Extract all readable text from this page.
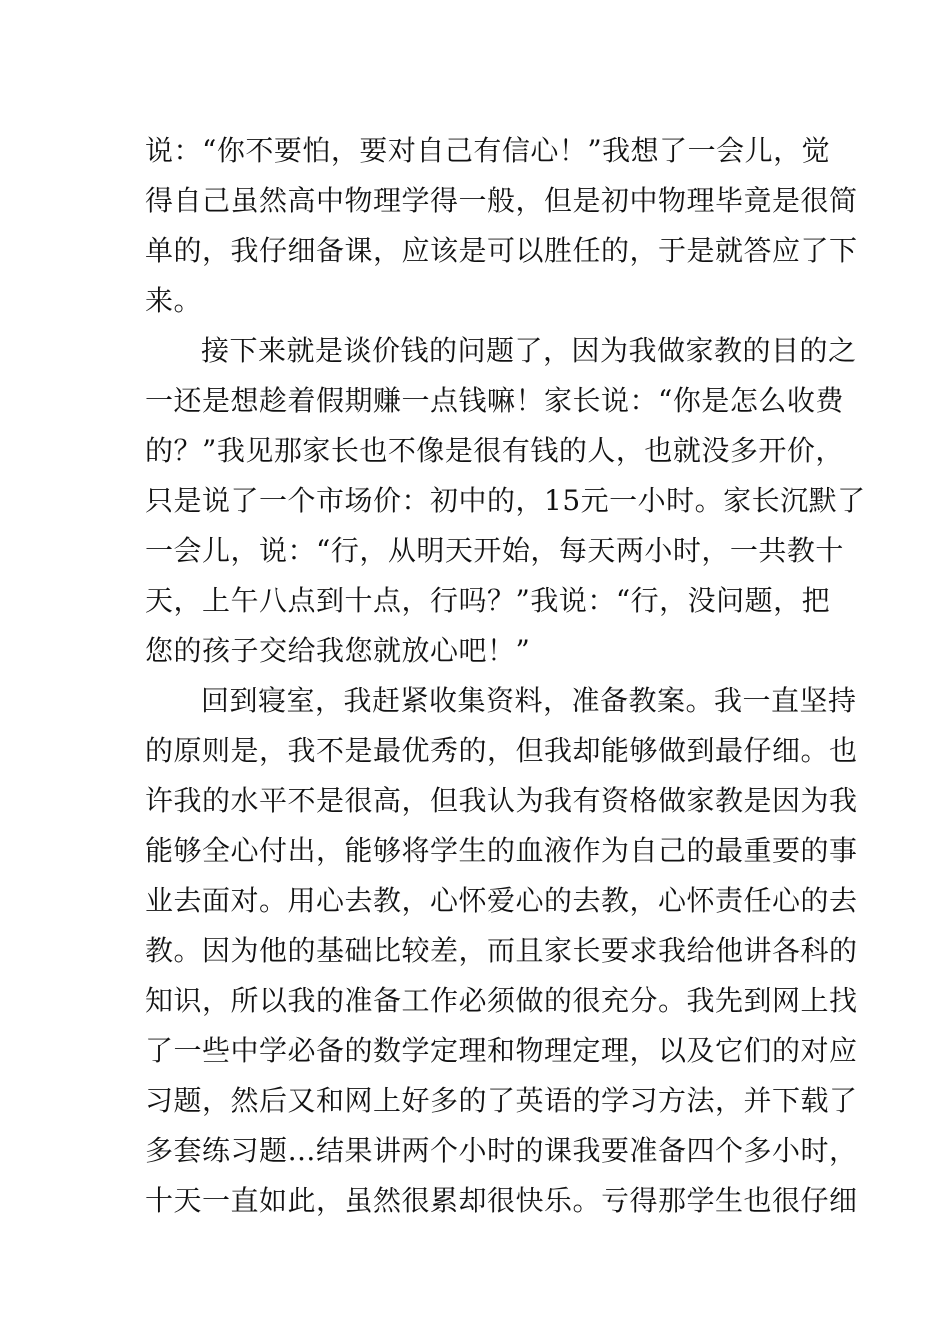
说：“你不要怕，要对自己有信心！”我想了一会儿，觉
得自己虽然高中物理学得一般，但是初中物理毕竟是很简
单的，我仔细备课，应该是可以胜任的，于是就答应了下
来。
接下来就是谈价钱的问题了，因为我做家教的目的之
一还是想趁着假期赚一点钱嘛！家长说：“你是怎么收费
的？”我见那家长也不像是很有钱的人，也就没多开价，
只是说了一个市场价：初中的，15元一小时。家长沉默了
一会儿，说：“行，从明天开始，每天两小时，一共教十
天，上午八点到十点，行吗？”我说：“行，没问题，把
您的孩子交给我您就放心吧！”
回到寝室，我赶紧收集资料，准备教案。我一直坚持
的原则是，我不是最优秀的，但我却能够做到最仔细。也
许我的水平不是很高，但我认为我有资格做家教是因为我
能够全心付出，能够将学生的血液作为自己的最重要的事
业去面对。用心去教，心怀爱心的去教，心怀责任心的去
教。因为他的基础比较差，而且家长要求我给他讲各科的
知识，所以我的准备工作必须做的很充分。我先到网上找
了一些中学必备的数学定理和物理定理，以及它们的对应
习题，然后又和网上好多的了英语的学习方法，并下载了
多套练习题…结果讲两个小时的课我要准备四个多小时，
十天一直如此，虽然很累却很快乐。亏得那学生也很仔细
